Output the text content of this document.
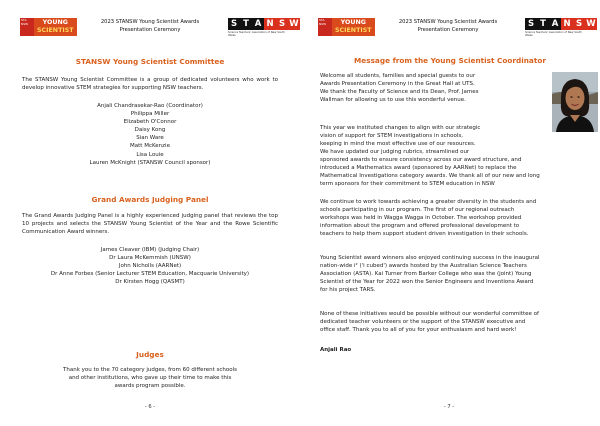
STA NSW	YOUNG
SCIENTIST
2023 STANSW Young Scientist Awards
Presentation Ceremony
S T A N S W
Science Teachers' Association of New South Wales
STANSW Young Scientist Committee

The STANSW Young Scientist Committee is a group of dedicated volunteers who work to develop innovative STEM strategies for supporting NSW teachers.

Anjali Chandrasekar-Rao (Coordinator)
Philippa Miller
Elizabeth O'Connor
Daisy Kong
Sian Ware
Matt McKenzie
Lisa Louie
Lauren McKnight (STANSW Council sponsor)
Grand Awards Judging Panel

The Grand Awards Judging Panel is a highly experienced judging panel that reviews the top 10 projects and selects the STANSW Young Scientist of the Year and the Rowe Scientific Communication Award winners.

James Cleaver (IBM) (Judging Chair)
Dr Laura McKemmish (UNSW)
John Nicholls (AARNet)
Dr Anne Forbes (Senior Lecturer STEM Education, Macquarie University)
Dr Kirsten Hogg (QASMT)
Judges
Thank you to the 70 category judges, from 60 different schools
and other institutions, who gave up their time to make this
awards program possible.
- 6 -
STA NSW	YOUNG
SCIENTIST
2023 STANSW Young Scientist Awards
Presentation Ceremony
S T A N S W
Science Teachers' Association of New South Wales
Message from the Young Scientist Coordinator
Welcome all students, families and special guests to our
Awards Presentation Ceremony in the Great Hall at UTS.
We thank the Faculty of Science and its Dean, Prof. James
Wallman for allowing us to use this wonderful venue.
This year we instituted changes to align with our strategic
vision of support for STEM investigations in schools,
keeping in mind the most effective use of our resources.
We have updated our judging rubrics, streamlined our
sponsored awards to ensure consistency across our award structure, and
introduced a Mathematics award (sponsored by AARNet) to replace the
Mathematical Investigations category awards. We thank all of our new and long
term sponsors for their commitment to STEM education in NSW
We continue to work towards achieving a greater diversity in the students and
schools participating in our program. The first of our regional outreach
workshops was held in Wagga Wagga in October. The workshop provided
information about the program and offered professional development to
teachers to help them support student driven investigation in their schools.
Young Scientist award winners also enjoyed continuing success in the inaugural
nation-wide i² ('i cubed') awards hosted by the Australian Science Teachers
Association (ASTA). Kai Turner from Barker College who was the (joint) Young
Scientist of the Year for 2022 won the Senior Engineers and Inventions Award
for his project TARS.
None of these initiatives would be possible without our wonderful committee of
dedicated teacher volunteers or the support of the STANSW executive and
office staff. Thank you to all of you for your enthusiasm and hard work!
Anjali Rao
- 7 -
